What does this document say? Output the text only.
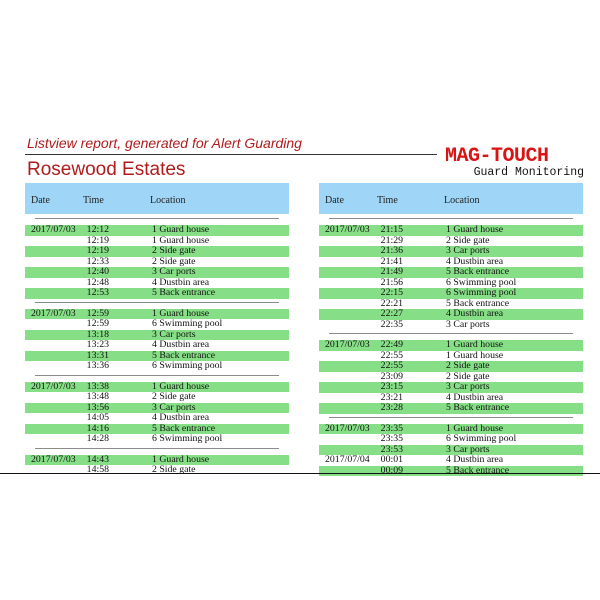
Listview report, generated for Alert Guarding
Rosewood Estates
MAG-TOUCH
Guard Monitoring
Date	Time	Location
2017/07/03	12:12	1 Guard house
12:19	1 Guard house
12:19	2 Side gate
12:33	2 Side gate
12:40	3 Car ports
12:48	4 Dustbin area
12:53	5 Back entrance
2017/07/03	12:59	1 Guard house
12:59	6 Swimming pool
13:18	3 Car ports
13:23	4 Dustbin area
13:31	5 Back entrance
13:36	6 Swimming pool
2017/07/03	13:38	1 Guard house
13:48	2 Side gate
13:56	3 Car ports
14:05	4 Dustbin area
14:16	5 Back entrance
14:28	6 Swimming pool
2017/07/03	14:43	1 Guard house
14:58	2 Side gate
Date	Time	Location
2017/07/03	21:15	1 Guard house
21:29	2 Side gate
21:36	3 Car ports
21:41	4 Dustbin area
21:49	5 Back entrance
21:56	6 Swimming pool
22:15	6 Swimming pool
22:21	5 Back entrance
22:27	4 Dustbin area
22:35	3 Car ports
2017/07/03	22:49	1 Guard house
22:55	1 Guard house
22:55	2 Side gate
23:09	2 Side gate
23:15	3 Car ports
23:21	4 Dustbin area
23:28	5 Back entrance
2017/07/03	23:35	1 Guard house
23:35	6 Swimming pool
23:53	3 Car ports
2017/07/04	00:01	4 Dustbin area
00:09	5 Back entrance
